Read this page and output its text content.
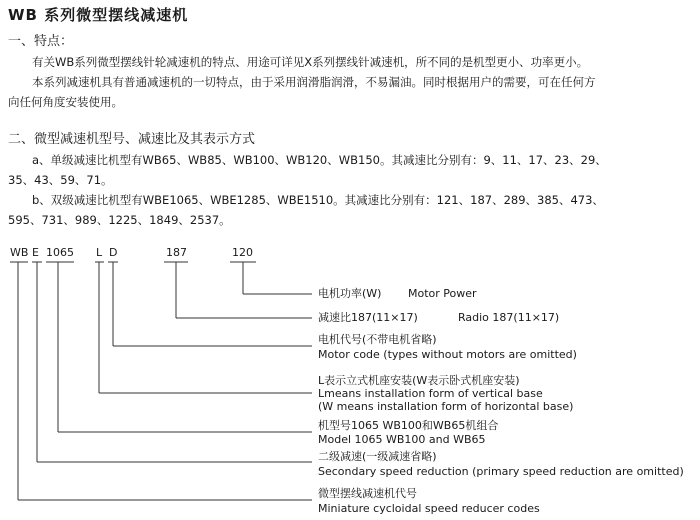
WB 系列微型摆线减速机
一、特点：
有关WB系列微型摆线针轮减速机的特点、用途可详见X系列摆线针减速机，所不同的是机型更小、功率更小。
本系列减速机具有普通减速机的一切特点，由于采用润滑脂润滑，不易漏油。同时根据用户的需要，可在任何方
向任何角度安装使用。
二、微型减速机型号、减速比及其表示方式
a、单级减速比机型有WB65、WB85、WB100、WB120、WB150。其减速比分别有：9、11、17、23、29、
35、43、59、71。
b、双级减速比机型有WBE1065、WBE1285、WBE1510。其减速比分别有：121、187、289、385、473、
595、731、989、1225、1849、2537。
WB E 1065 L D	187	120
电机功率(W) Motor Power
减速比187(11×17)	Radio 187(11×17)
电机代号(不带电机省略)
Motor code (types without motors are omitted)
L表示立式机座安装(W表示卧式机座安装)
Lmeans installation form of vertical base
(W means installation form of horizontal base)
机型号1065 WB100和WB65机组合
Model 1065 WB100 and WB65
二级减速(一级减速省略)
Secondary speed reduction (primary speed reduction are omitted)
微型摆线减速机代号
Miniature cycloidal speed reducer codes
